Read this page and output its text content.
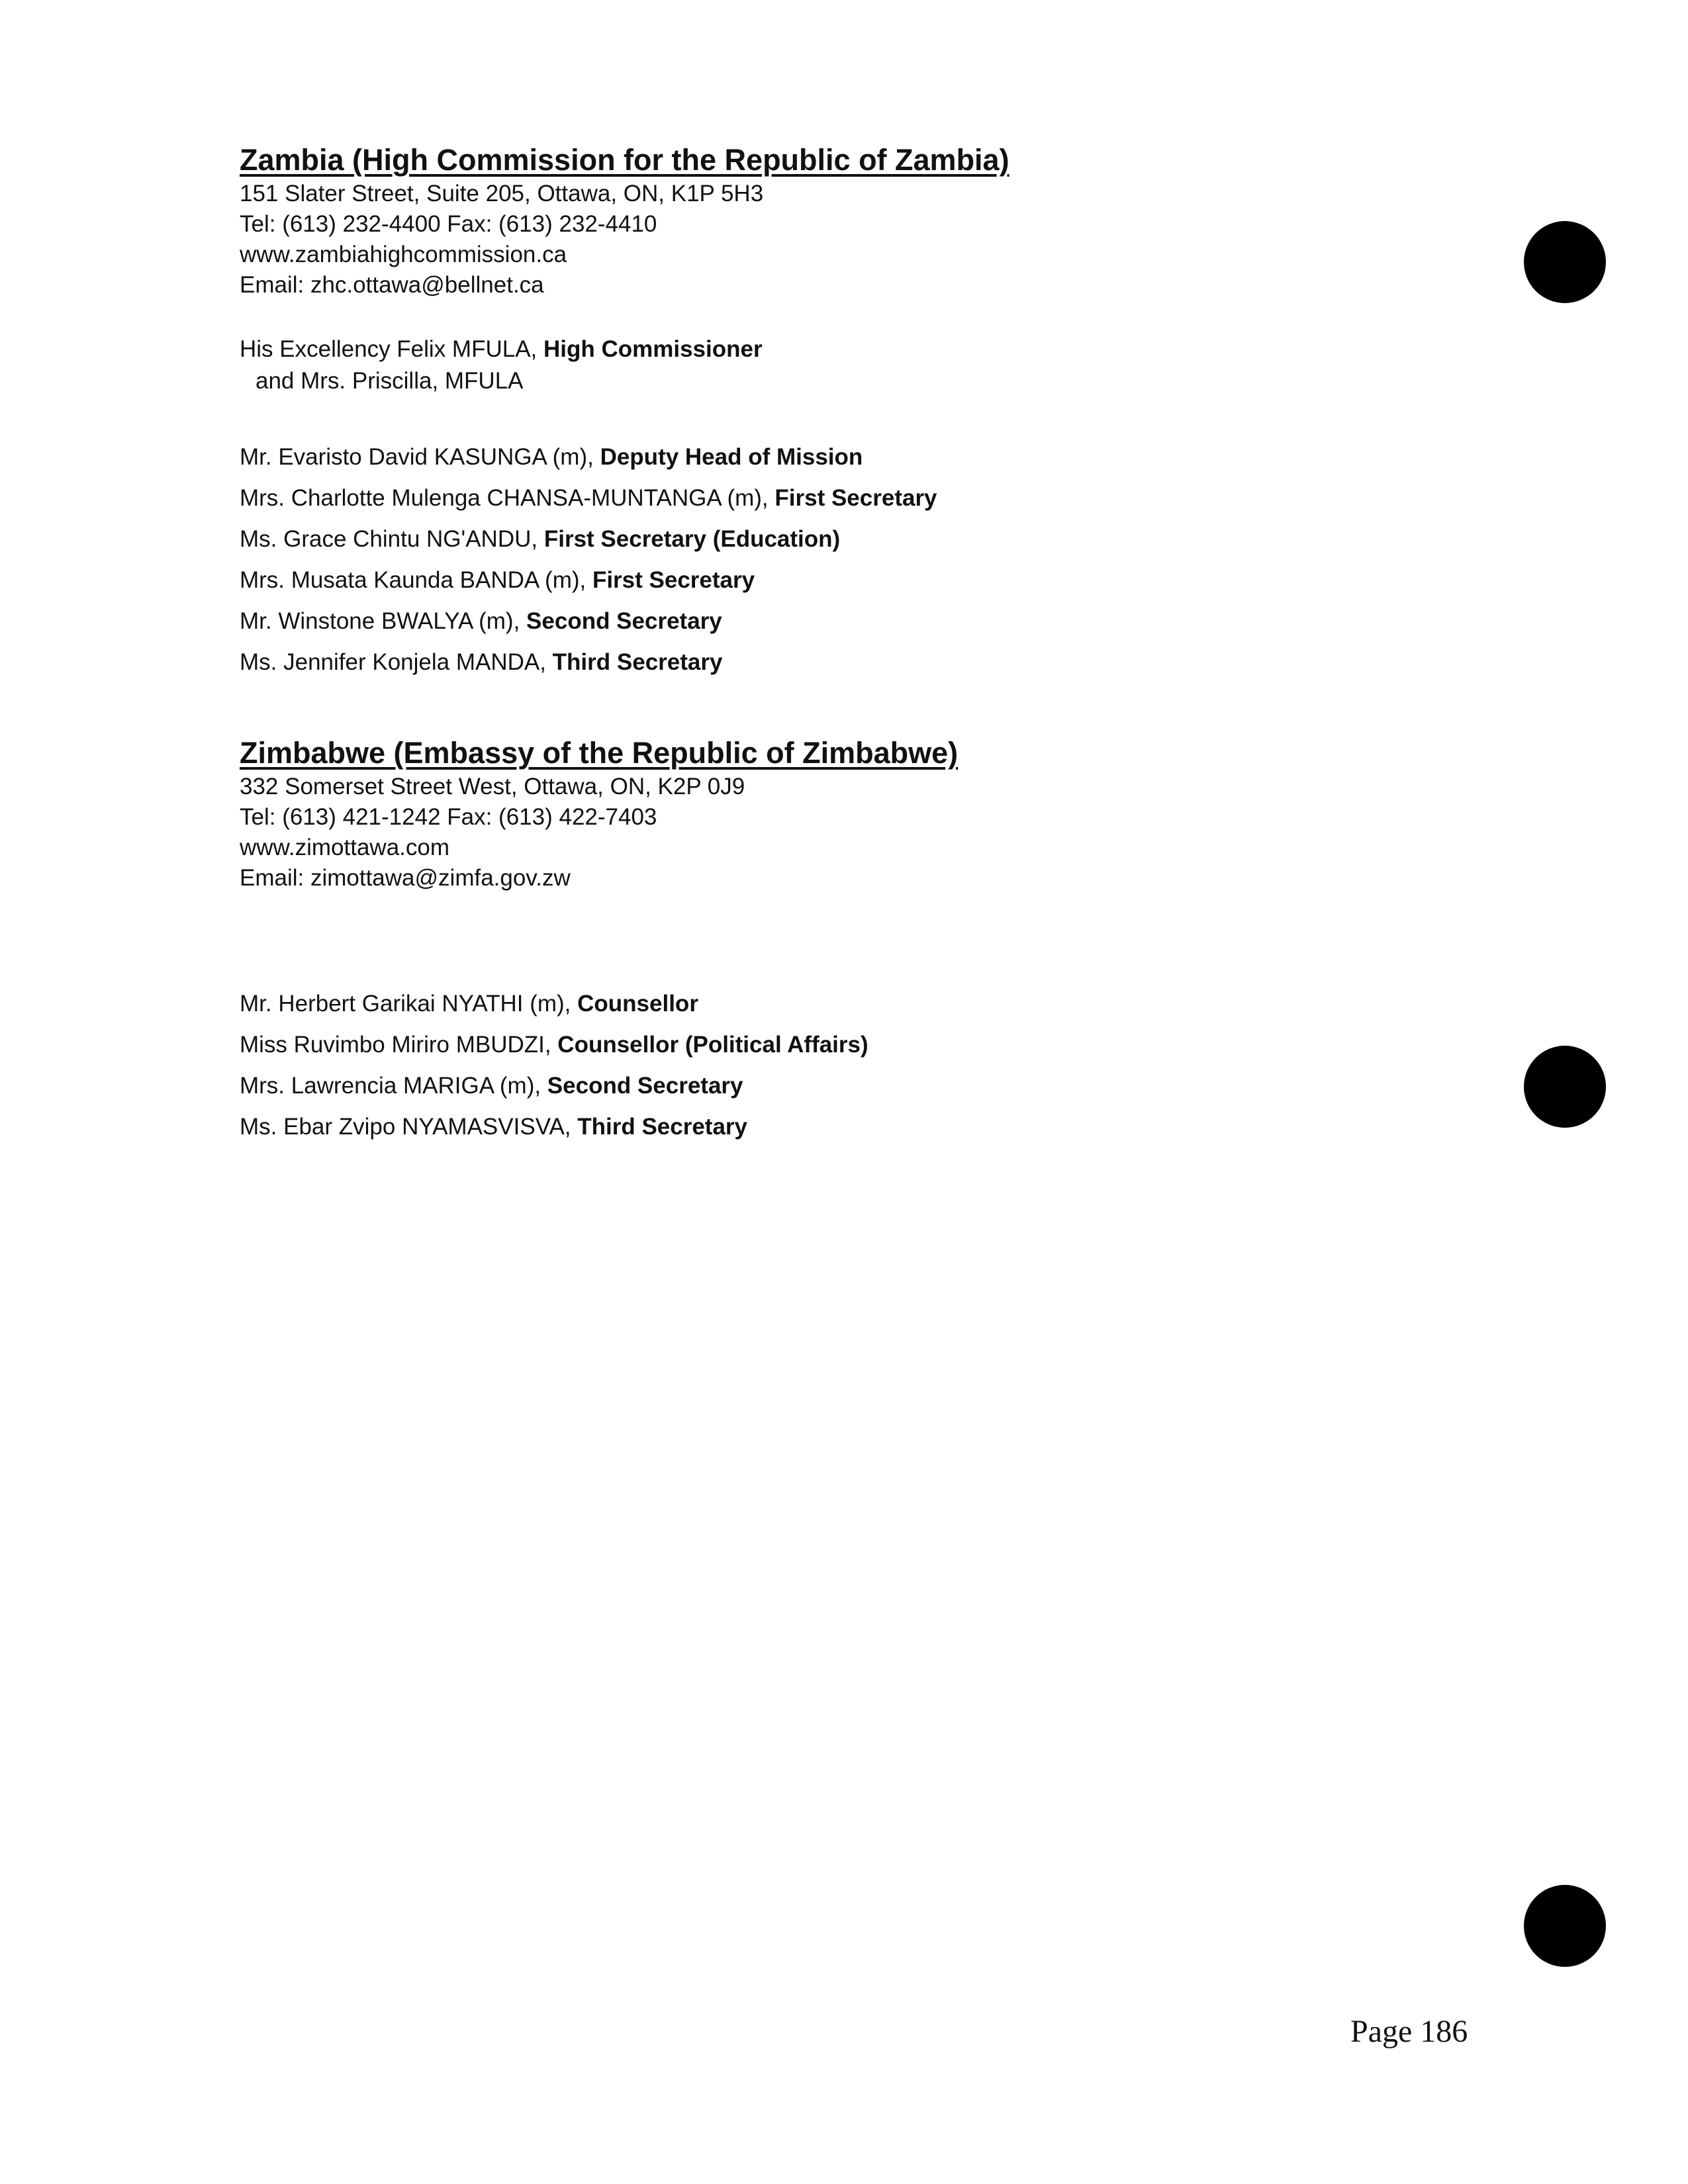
Zambia (High Commission for the Republic of Zambia)
151 Slater Street, Suite 205, Ottawa, ON, K1P 5H3
Tel: (613) 232-4400 Fax: (613) 232-4410
www.zambiahighcommission.ca
Email: zhc.ottawa@bellnet.ca
His Excellency Felix MFULA, High Commissioner
and Mrs. Priscilla, MFULA
Mr. Evaristo David KASUNGA (m), Deputy Head of Mission
Mrs. Charlotte Mulenga CHANSA-MUNTANGA (m), First Secretary
Ms. Grace Chintu NG'ANDU, First Secretary (Education)
Mrs. Musata Kaunda BANDA (m), First Secretary
Mr. Winstone BWALYA (m), Second Secretary
Ms. Jennifer Konjela MANDA, Third Secretary
Zimbabwe (Embassy of the Republic of Zimbabwe)
332 Somerset Street West, Ottawa, ON, K2P 0J9
Tel: (613) 421-1242 Fax: (613) 422-7403
www.zimottawa.com
Email: zimottawa@zimfa.gov.zw
Mr. Herbert Garikai NYATHI (m), Counsellor
Miss Ruvimbo Miriro MBUDZI, Counsellor (Political Affairs)
Mrs. Lawrencia MARIGA (m), Second Secretary
Ms. Ebar Zvipo NYAMASVISVA, Third Secretary
Page 186
